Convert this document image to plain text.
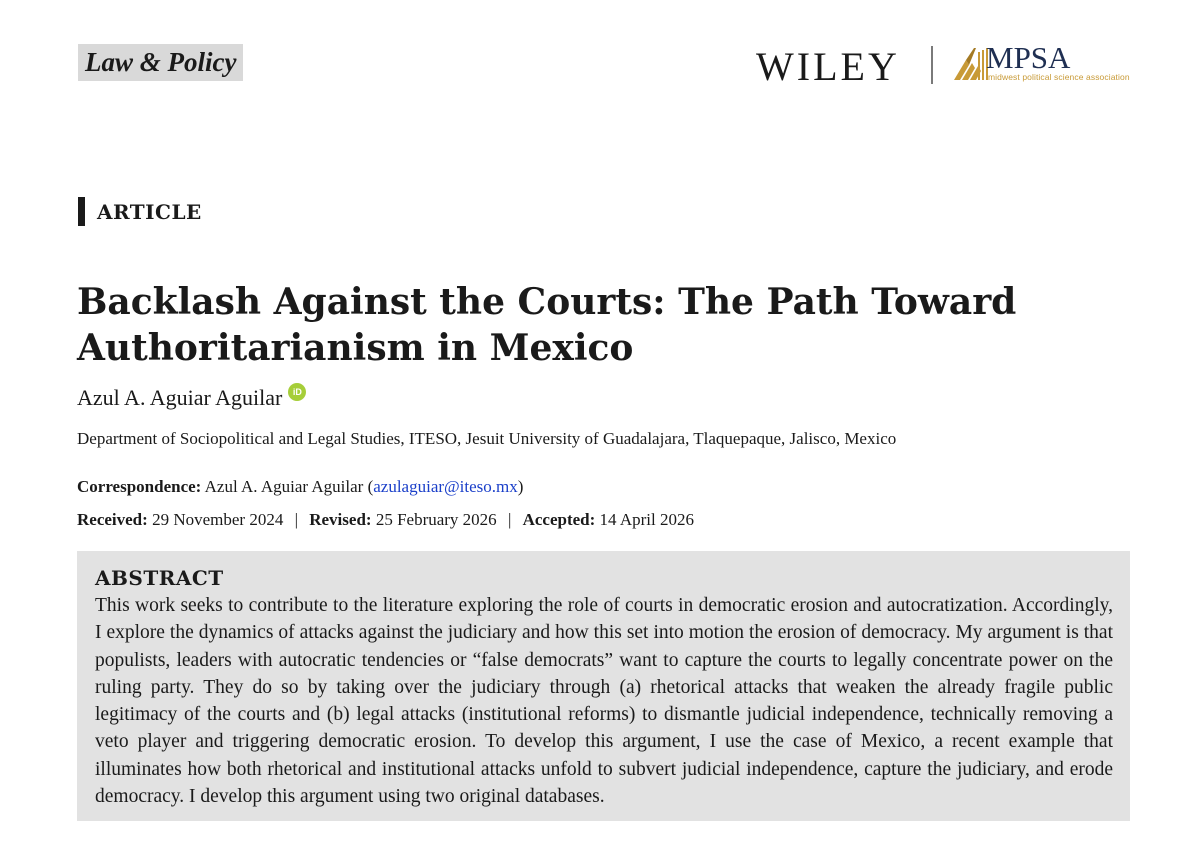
Law & Policy	WILEY	MPSA
midwest political science association
ARTICLE
Backlash Against the Courts: The Path Toward Authoritarianism in Mexico
Azul A. Aguiar Aguilar	iD
Department of Sociopolitical and Legal Studies, ITESO, Jesuit University of Guadalajara, Tlaquepaque, Jalisco, Mexico
Correspondence: Azul A. Aguiar Aguilar (azulaguiar@iteso.mx)
Received: 29 November 2024 | Revised: 25 February 2026 | Accepted: 14 April 2026
ABSTRACT

This work seeks to contribute to the literature exploring the role of courts in democratic erosion and autocratization. Accordingly, I explore the dynamics of attacks against the judiciary and how this set into motion the erosion of democracy. My argument is that populists, leaders with autocratic tendencies or “false democrats” want to capture the courts to legally concentrate power on the ruling party. They do so by taking over the judiciary through (a) rhetorical attacks that weaken the already fragile public legitimacy of the courts and (b) legal attacks (institutional reforms) to dismantle judicial independence, technically removing a veto player and triggering democratic erosion. To develop this argument, I use the case of Mexico, a recent example that illuminates how both rhetorical and institutional attacks unfold to subvert judicial independence, capture the judiciary, and erode democracy. I develop this argument using two original databases.
